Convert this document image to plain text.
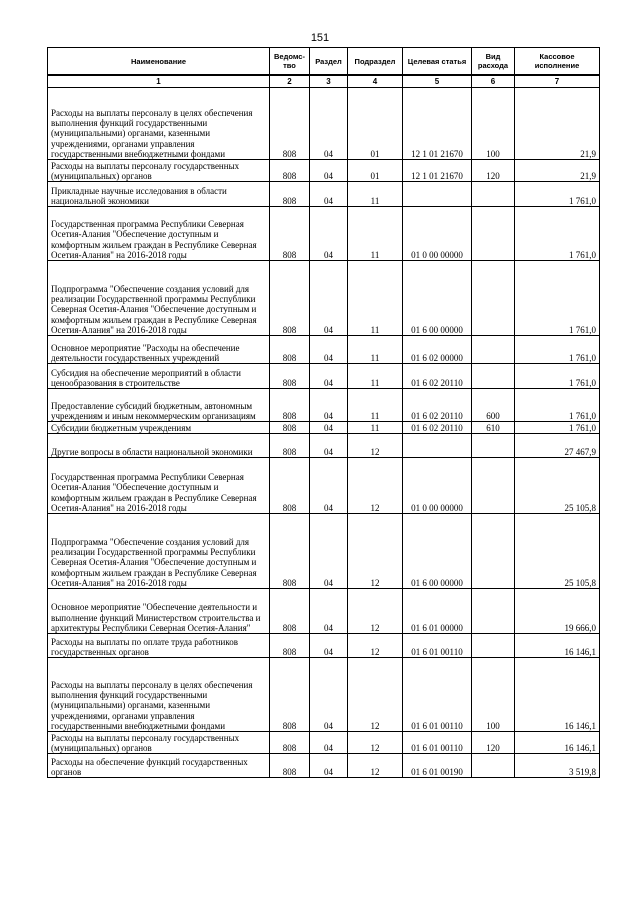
151
Наименование	Ведомс-тво	Раздел	Подраздел	Целевая статья	Вид расхода	Кассовое исполнение
1	2	3	4	5	6	7
Расходы на выплаты персоналу в целях обеспечения выполнения функций государственными (муниципальными) органами, казенными учреждениями, органами управления государственными внебюджетными фондами	808	04	01	12 1 01 21670	100	21,9
Расходы на выплаты персоналу государственных (муниципальных) органов	808	04	01	12 1 01 21670	120	21,9
Прикладные научные исследования в области национальной экономики	808	04	11			1 761,0
Государственная программа Республики Северная Осетия-Алания "Обеспечение доступным и комфортным жильем граждан в Республике Северная Осетия-Алания" на 2016-2018 годы	808	04	11	01 0 00 00000		1 761,0
Подпрограмма "Обеспечение создания условий для реализации Государственной программы Республики Северная Осетия-Алания "Обеспечение доступным и комфортным жильем граждан в Республике Северная Осетия-Алания" на 2016-2018 годы	808	04	11	01 6 00 00000		1 761,0
Основное мероприятие "Расходы на обеспечение деятельности государственных учреждений	808	04	11	01 6 02 00000		1 761,0
Субсидия на обеспечение мероприятий в области ценообразования в строительстве	808	04	11	01 6 02 20110		1 761,0
Предоставление субсидий бюджетным, автономным учреждениям и иным некоммерческим организациям	808	04	11	01 6 02 20110	600	1 761,0
Субсидии бюджетным учреждениям	808	04	11	01 6 02 20110	610	1 761,0
Другие вопросы в области национальной экономики	808	04	12			27 467,9
Государственная программа Республики Северная Осетия-Алания "Обеспечение доступным и комфортным жильем граждан в Республике Северная Осетия-Алания" на 2016-2018 годы	808	04	12	01 0 00 00000		25 105,8
Подпрограмма "Обеспечение создания условий для реализации Государственной программы Республики Северная Осетия-Алания "Обеспечение доступным и комфортным жильем граждан в Республике Северная Осетия-Алания" на 2016-2018 годы	808	04	12	01 6 00 00000		25 105,8
Основное мероприятие "Обеспечение деятельности и выполнение функций Министерством строительства и архитектуры Республики Северная Осетия-Алания"	808	04	12	01 6 01 00000		19 666,0
Расходы на выплаты по оплате труда работников государственных органов	808	04	12	01 6 01 00110		16 146,1
Расходы на выплаты персоналу в целях обеспечения выполнения функций государственными (муниципальными) органами, казенными учреждениями, органами управления государственными внебюджетными фондами	808	04	12	01 6 01 00110	100	16 146,1
Расходы на выплаты персоналу государственных (муниципальных) органов	808	04	12	01 6 01 00110	120	16 146,1
Расходы на обеспечение функций государственных органов	808	04	12	01 6 01 00190		3 519,8
